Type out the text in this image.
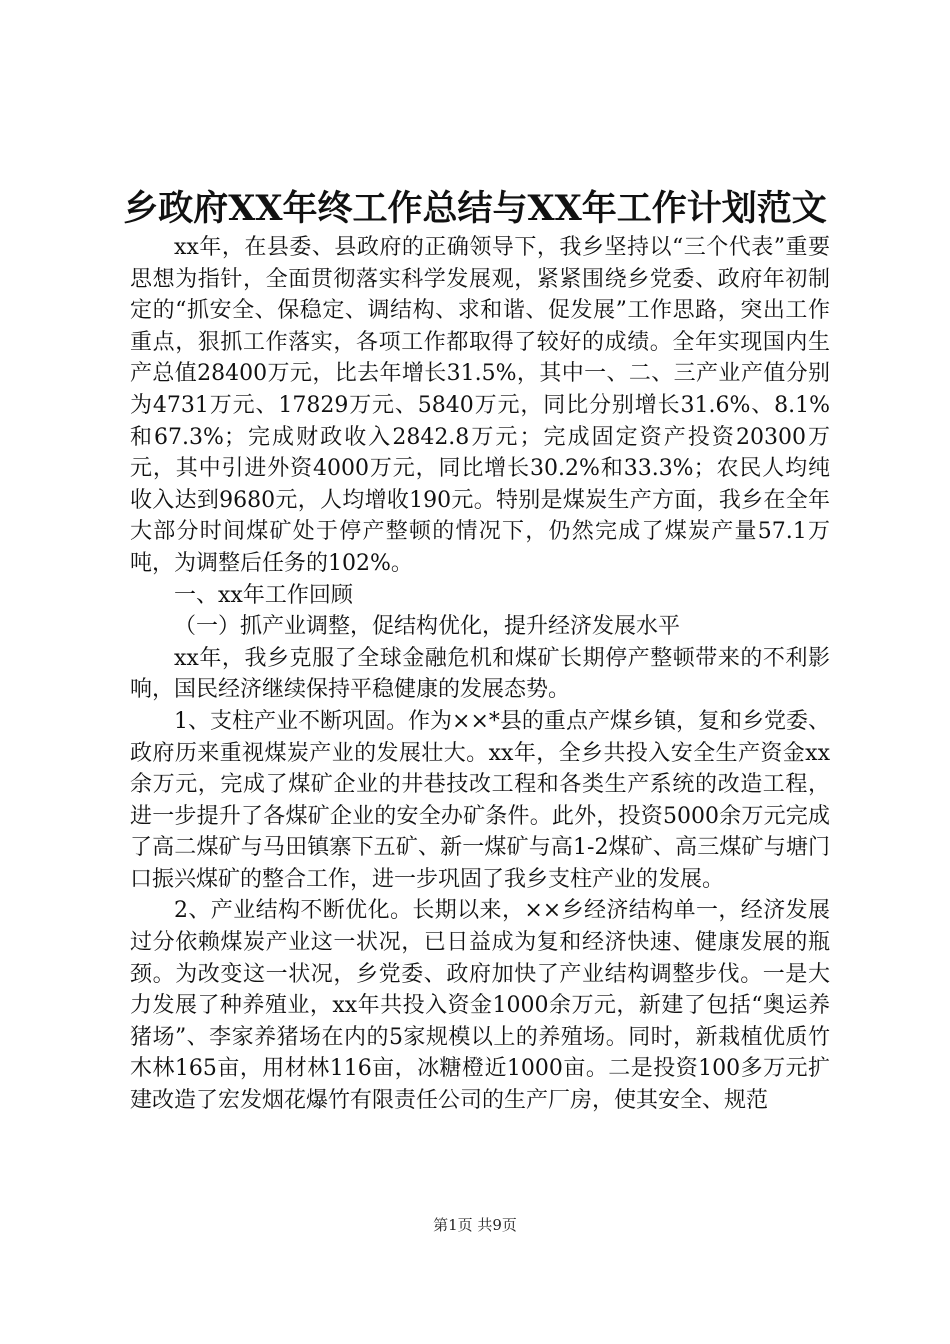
乡政府XX年终工作总结与XX年工作计划范文

xx年，在县委、县政府的正确领导下，我乡坚持以“三个代表”重要思想为指针，全面贯彻落实科学发展观，紧紧围绕乡党委、政府年初制定的“抓安全、保稳定、调结构、求和谐、促发展”工作思路，突出工作重点，狠抓工作落实，各项工作都取得了较好的成绩。全年实现国内生产总值28400万元，比去年增长31.5%，其中一、二、三产业产值分别为4731万元、17829万元、5840万元，同比分别增长31.6%、8.1%和67.3%；完成财政收入2842.8万元；完成固定资产投资20300万元，其中引进外资4000万元，同比增长30.2%和33.3%；农民人均纯收入达到9680元，人均增收190元。特别是煤炭生产方面，我乡在全年大部分时间煤矿处于停产整顿的情况下，仍然完成了煤炭产量57.1万吨，为调整后任务的102%。

一、xx年工作回顾

（一）抓产业调整，促结构优化，提升经济发展水平

xx年，我乡克服了全球金融危机和煤矿长期停产整顿带来的不利影响，国民经济继续保持平稳健康的发展态势。

1、支柱产业不断巩固。作为××*县的重点产煤乡镇，复和乡党委、政府历来重视煤炭产业的发展壮大。xx年，全乡共投入安全生产资金xx余万元，完成了煤矿企业的井巷技改工程和各类生产系统的改造工程，进一步提升了各煤矿企业的安全办矿条件。此外，投资5000余万元完成了高二煤矿与马田镇寨下五矿、新一煤矿与高1-2煤矿、高三煤矿与塘门口振兴煤矿的整合工作，进一步巩固了我乡支柱产业的发展。

2、产业结构不断优化。长期以来，××乡经济结构单一，经济发展过分依赖煤炭产业这一状况，已日益成为复和经济快速、健康发展的瓶颈。为改变这一状况，乡党委、政府加快了产业结构调整步伐。一是大力发展了种养殖业，xx年共投入资金1000余万元，新建了包括“奥运养猪场”、李家养猪场在内的5家规模以上的养殖场。同时，新栽植优质竹木林165亩，用材林116亩，冰糖橙近1000亩。二是投资100多万元扩建改造了宏发烟花爆竹有限责任公司的生产厂房，使其安全、规范

第1页 共9页
